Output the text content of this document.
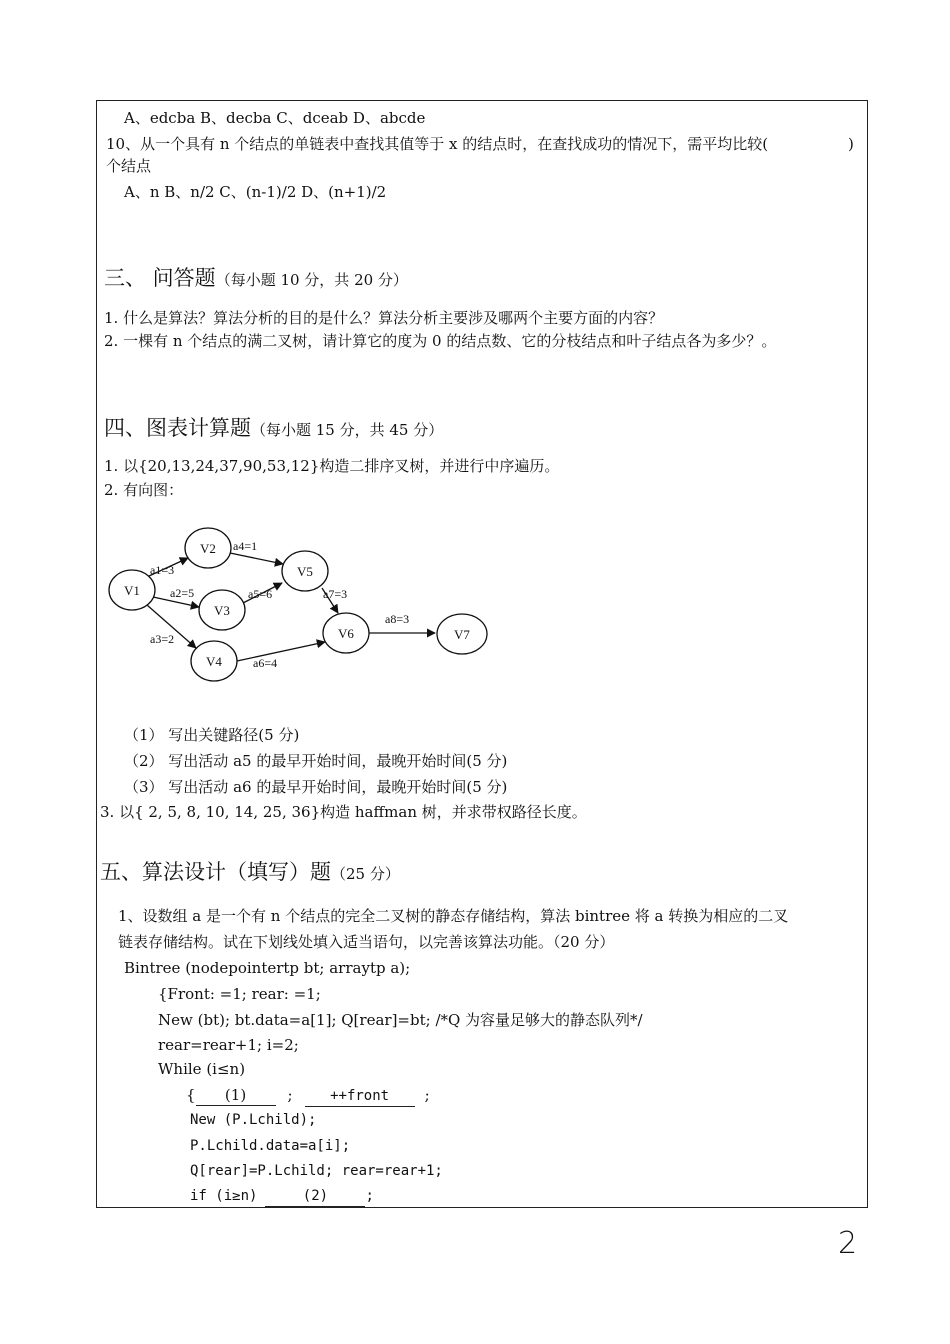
A、edcba B、decba C、dceab D、abcde
10、从一个具有 n 个结点的单链表中查找其值等于 x 的结点时，在查找成功的情况下，需平均比较(	)
个结点
A、n B、n/2 C、(n-1)/2 D、(n+1)/2
三、 问答题（每小题 10 分，共 20 分）
1. 什么是算法？算法分析的目的是什么？算法分析主要涉及哪两个主要方面的内容？
2. 一棵有 n 个结点的满二叉树，请计算它的度为 0 的结点数、它的分枝结点和叶子结点各为多少？。
四、图表计算题（每小题 15 分，共 45 分）
1. 以{20,13,24,37,90,53,12}构造二排序叉树，并进行中序遍历。
2. 有向图：
V1
V2
V3
V4
V5
V6	V7
a1=3
a2=5
a3=2
a4=1
a5=6
a6=4
a7=3
a8=3
（1） 写出关键路径(5 分)
（2） 写出活动 a5 的最早开始时间，最晚开始时间(5 分)
（3） 写出活动 a6 的最早开始时间，最晚开始时间(5 分)
3. 以{ 2, 5, 8, 10, 14, 25, 36}构造 haffman 树，并求带权路径长度。
五、算法设计（填写）题（25 分）
1、设数组 a 是一个有 n 个结点的完全二叉树的静态存储结构，算法 bintree 将 a 转换为相应的二叉
链表存储结构。试在下划线处填入适当语句，以完善该算法功能。（20 分）
Bintree (nodepointertp bt; arraytp a);
{Front: =1; rear: =1;
New (bt); bt.data=a[1]; Q[rear]=bt; /*Q 为容量足够大的静态队列*/
rear=rear+1; i=2;
While (i≤n)
{ (1)	;	++front ;
New (P.Lchild);
P.Lchild.data=a[i];
Q[rear]=P.Lchild; rear=rear+1;
if (i≥n)	(2)	;
2
